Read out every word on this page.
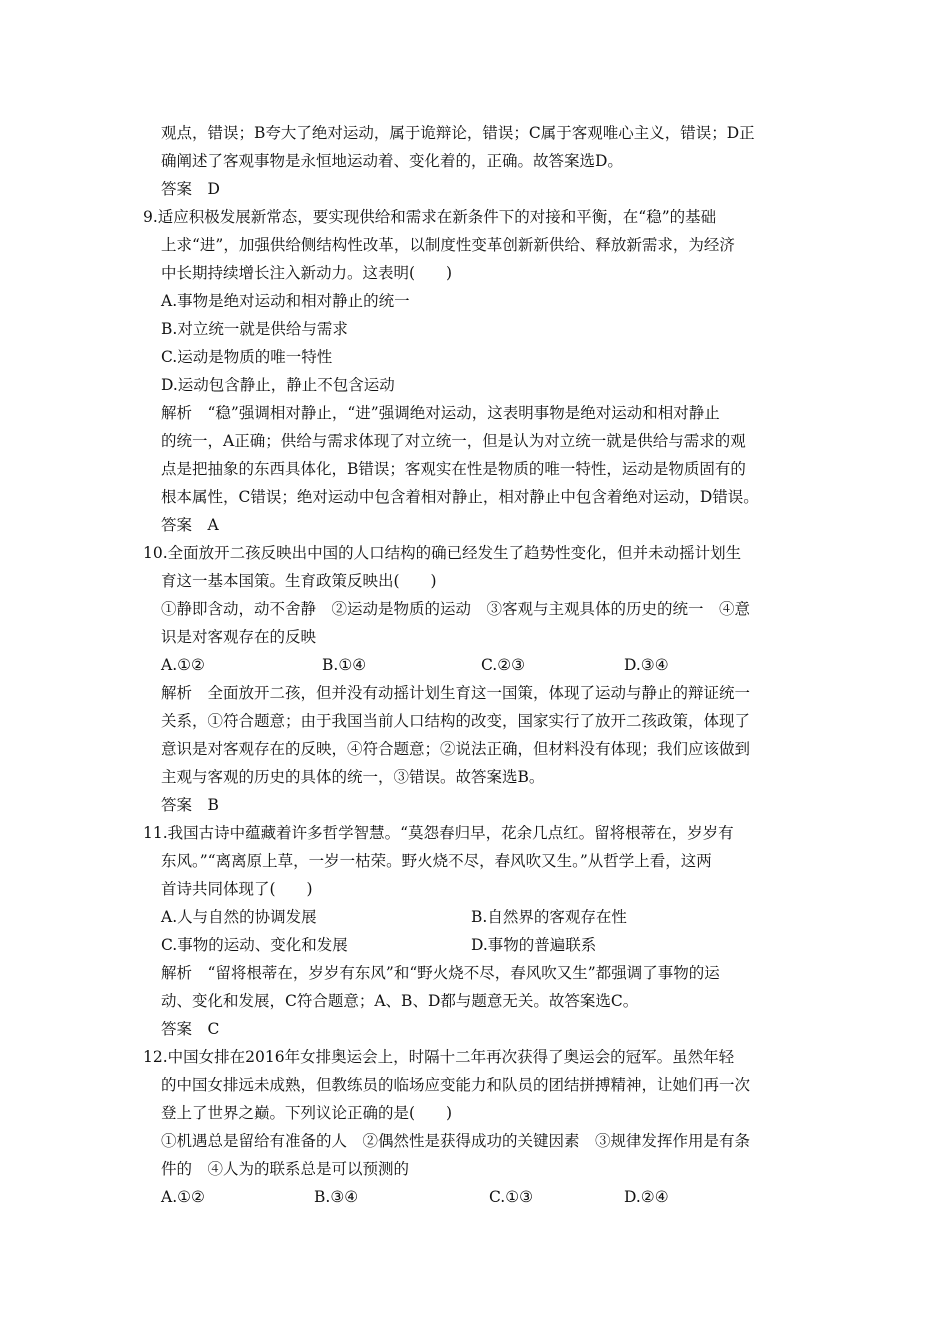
观点，错误；B夸大了绝对运动，属于诡辩论，错误；C属于客观唯心主义，错误；D正
确阐述了客观事物是永恒地运动着、变化着的，正确。故答案选D。
答案　D
9.适应积极发展新常态，要实现供给和需求在新条件下的对接和平衡，在“稳”的基础
上求“进”，加强供给侧结构性改革，以制度性变革创新新供给、释放新需求，为经济
中长期持续增长注入新动力。这表明(　　)
A.事物是绝对运动和相对静止的统一
B.对立统一就是供给与需求
C.运动是物质的唯一特性
D.运动包含静止，静止不包含运动
解析　“稳”强调相对静止，“进”强调绝对运动，这表明事物是绝对运动和相对静止
的统一，A正确；供给与需求体现了对立统一，但是认为对立统一就是供给与需求的观
点是把抽象的东西具体化，B错误；客观实在性是物质的唯一特性，运动是物质固有的
根本属性，C错误；绝对运动中包含着相对静止，相对静止中包含着绝对运动，D错误。
答案　A
10.全面放开二孩反映出中国的人口结构的确已经发生了趋势性变化，但并未动摇计划生
育这一基本国策。生育政策反映出(　　)
①静即含动，动不舍静　②运动是物质的运动　③客观与主观具体的历史的统一　④意
识是对客观存在的反映
A.①②	B.①④	C.②③	D.③④
解析　全面放开二孩，但并没有动摇计划生育这一国策，体现了运动与静止的辩证统一
关系，①符合题意；由于我国当前人口结构的改变，国家实行了放开二孩政策，体现了
意识是对客观存在的反映，④符合题意；②说法正确，但材料没有体现；我们应该做到
主观与客观的历史的具体的统一，③错误。故答案选B。
答案　B
11.我国古诗中蕴藏着许多哲学智慧。“莫怨春归早，花余几点红。留将根蒂在，岁岁有
东风。”“离离原上草，一岁一枯荣。野火烧不尽，春风吹又生。”从哲学上看，这两
首诗共同体现了(　　)
A.人与自然的协调发展	B.自然界的客观存在性
C.事物的运动、变化和发展	D.事物的普遍联系
解析　“留将根蒂在，岁岁有东风”和“野火烧不尽，春风吹又生”都强调了事物的运
动、变化和发展，C符合题意；A、B、D都与题意无关。故答案选C。
答案　C
12.中国女排在2016年女排奥运会上，时隔十二年再次获得了奥运会的冠军。虽然年轻
的中国女排远未成熟，但教练员的临场应变能力和队员的团结拼搏精神，让她们再一次
登上了世界之巅。下列议论正确的是(　　)
①机遇总是留给有准备的人　②偶然性是获得成功的关键因素　③规律发挥作用是有条
件的　④人为的联系总是可以预测的
A.①②	B.③④	C.①③	D.②④
